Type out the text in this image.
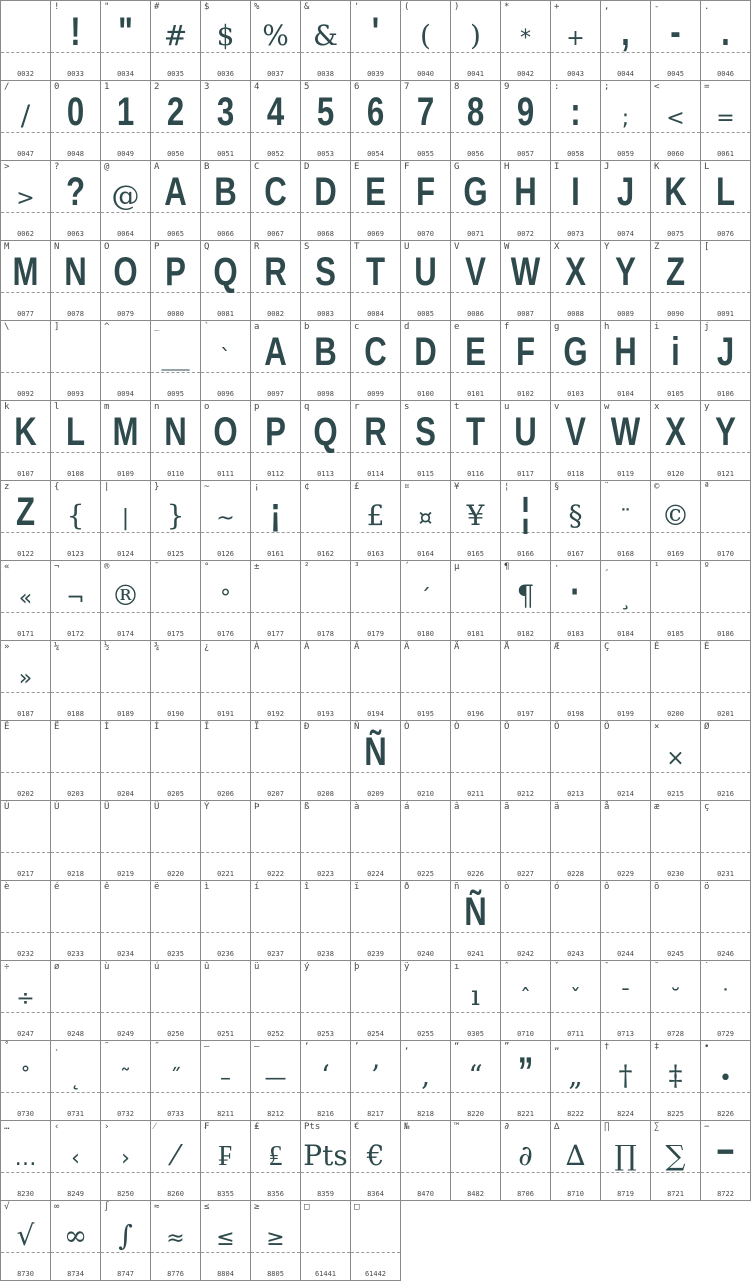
0032
!
!
0033
"
"
0034
#
#
0035
$
$
0036
%
%
0037
&
&
0038
'
'
0039
(
(
0040
)
)
0041
*
*
0042
+
+
0043
,
,
0044
-
-
0045
.
.
0046
/
/
0047
0
0
0048
1
1
0049
2
2
0050
3
3
0051
4
4
0052
5
5
0053
6
6
0054
7
7
0055
8
8
0056
9
9
0057
:
:
0058
;
;
0059
<
<
0060
=
=
0061
>
>
0062
?
?
0063
@
@
0064
A
A
0065
B
B
0066
C
C
0067
D
D
0068
E
E
0069
F
F
0070
G
G
0071
H
H
0072
I
I
0073
J
J
0074
K
K
0075
L
L
0076
M
M
0077
N
N
0078
O
O
0079
P
P
0080
Q
Q
0081
R
R
0082
S
S
0083
T
T
0084
U
U
0085
V
V
0086
W
W
0087
X
X
0088
Y
Y
0089
Z
Z
0090
[
0091
\
0092
]
0093
^
0094
_
____
0095
`
`
0096
a
A
0097
b
B
0098
c
C
0099
d
D
0100
e
E
0101
f
F
0102
g
G
0103
h
H
0104
i
i
0105
j
J
0106
k
K
0107
l
L
0108
m
M
0109
n
N
0110
o
O
0111
p
P
0112
q
Q
0113
r
R
0114
s
S
0115
t
T
0116
u
U
0117
v
V
0118
w
W
0119
x
X
0120
y
Y
0121
z
Z
0122
{
{
0123
|
|
0124
}
}
0125
~
~
0126
¡
¡
0161
¢
0162
£
£
0163
¤
¤
0164
¥
¥
0165
¦
¦
0166
§
§
0167
¨
¨
0168
©
©
0169
ª
0170
«
«
0171
¬
¬
0172
®
®
0174
¯
0175
°
°
0176
±
0177
²
0178
³
0179
´
´
0180
µ
0181
¶
¶
0182
·
·
0183
¸
¸
0184
¹
0185
º
0186
»
»
0187
¼
0188
½
0189
¾
0190
¿
0191
À
0192
Á
0193
Â
0194
Ã
0195
Ä
0196
Å
0197
Æ
0198
Ç
0199
È
0200
É
0201
Ê
0202
Ë
0203
Ì
0204
Í
0205
Î
0206
Ï
0207
Ð
0208
Ñ
Ñ
0209
Ò
0210
Ó
0211
Ô
0212
Õ
0213
Ö
0214
×
×
0215
Ø
0216
Ù
0217
Ú
0218
Û
0219
Ü
0220
Ý
0221
Þ
0222
ß
0223
à
0224
á
0225
â
0226
ã
0227
ä
0228
å
0229
æ
0230
ç
0231
è
0232
é
0233
ê
0234
ë
0235
ì
0236
í
0237
î
0238
ï
0239
ð
0240
ñ
Ñ
0241
ò
0242
ó
0243
ô
0244
õ
0245
ö
0246
÷
÷
0247
ø
0248
ù
0249
ú
0250
û
0251
ü
0252
ý
0253
þ
0254
ÿ
0255
ı
ı
0305
ˆ
ˆ
0710
ˇ
ˇ
0711
ˉ
ˉ
0713
˘
˘
0728
˙
˙
0729
˚
˚
0730
˛
˛
0731
˜
˜
0732
˝
˝
0733
–
–
8211
—
—
8212
‘
‘
8216
’
’
8217
‚
‚
8218
“
“
8220
”
”
8221
„
„
8222
†
†
8224
‡
‡
8225
•
•
8226
…
…
8230
‹
‹
8249
›
›
8250
⁄
⁄
8260
₣
₣
8355
₤
₤
8356
Pts
Pts
8359
€
€
8364
№
8470
™
8482
∂
∂
8706
∆
∆
8710
∏
∏
8719
∑
∑
8721
−
−
8722
√
√
8730
∞
∞
8734
∫
∫
8747
≈
≈
8776
≤
≤
8804
≥
≥
8805
□
61441
□
61442
